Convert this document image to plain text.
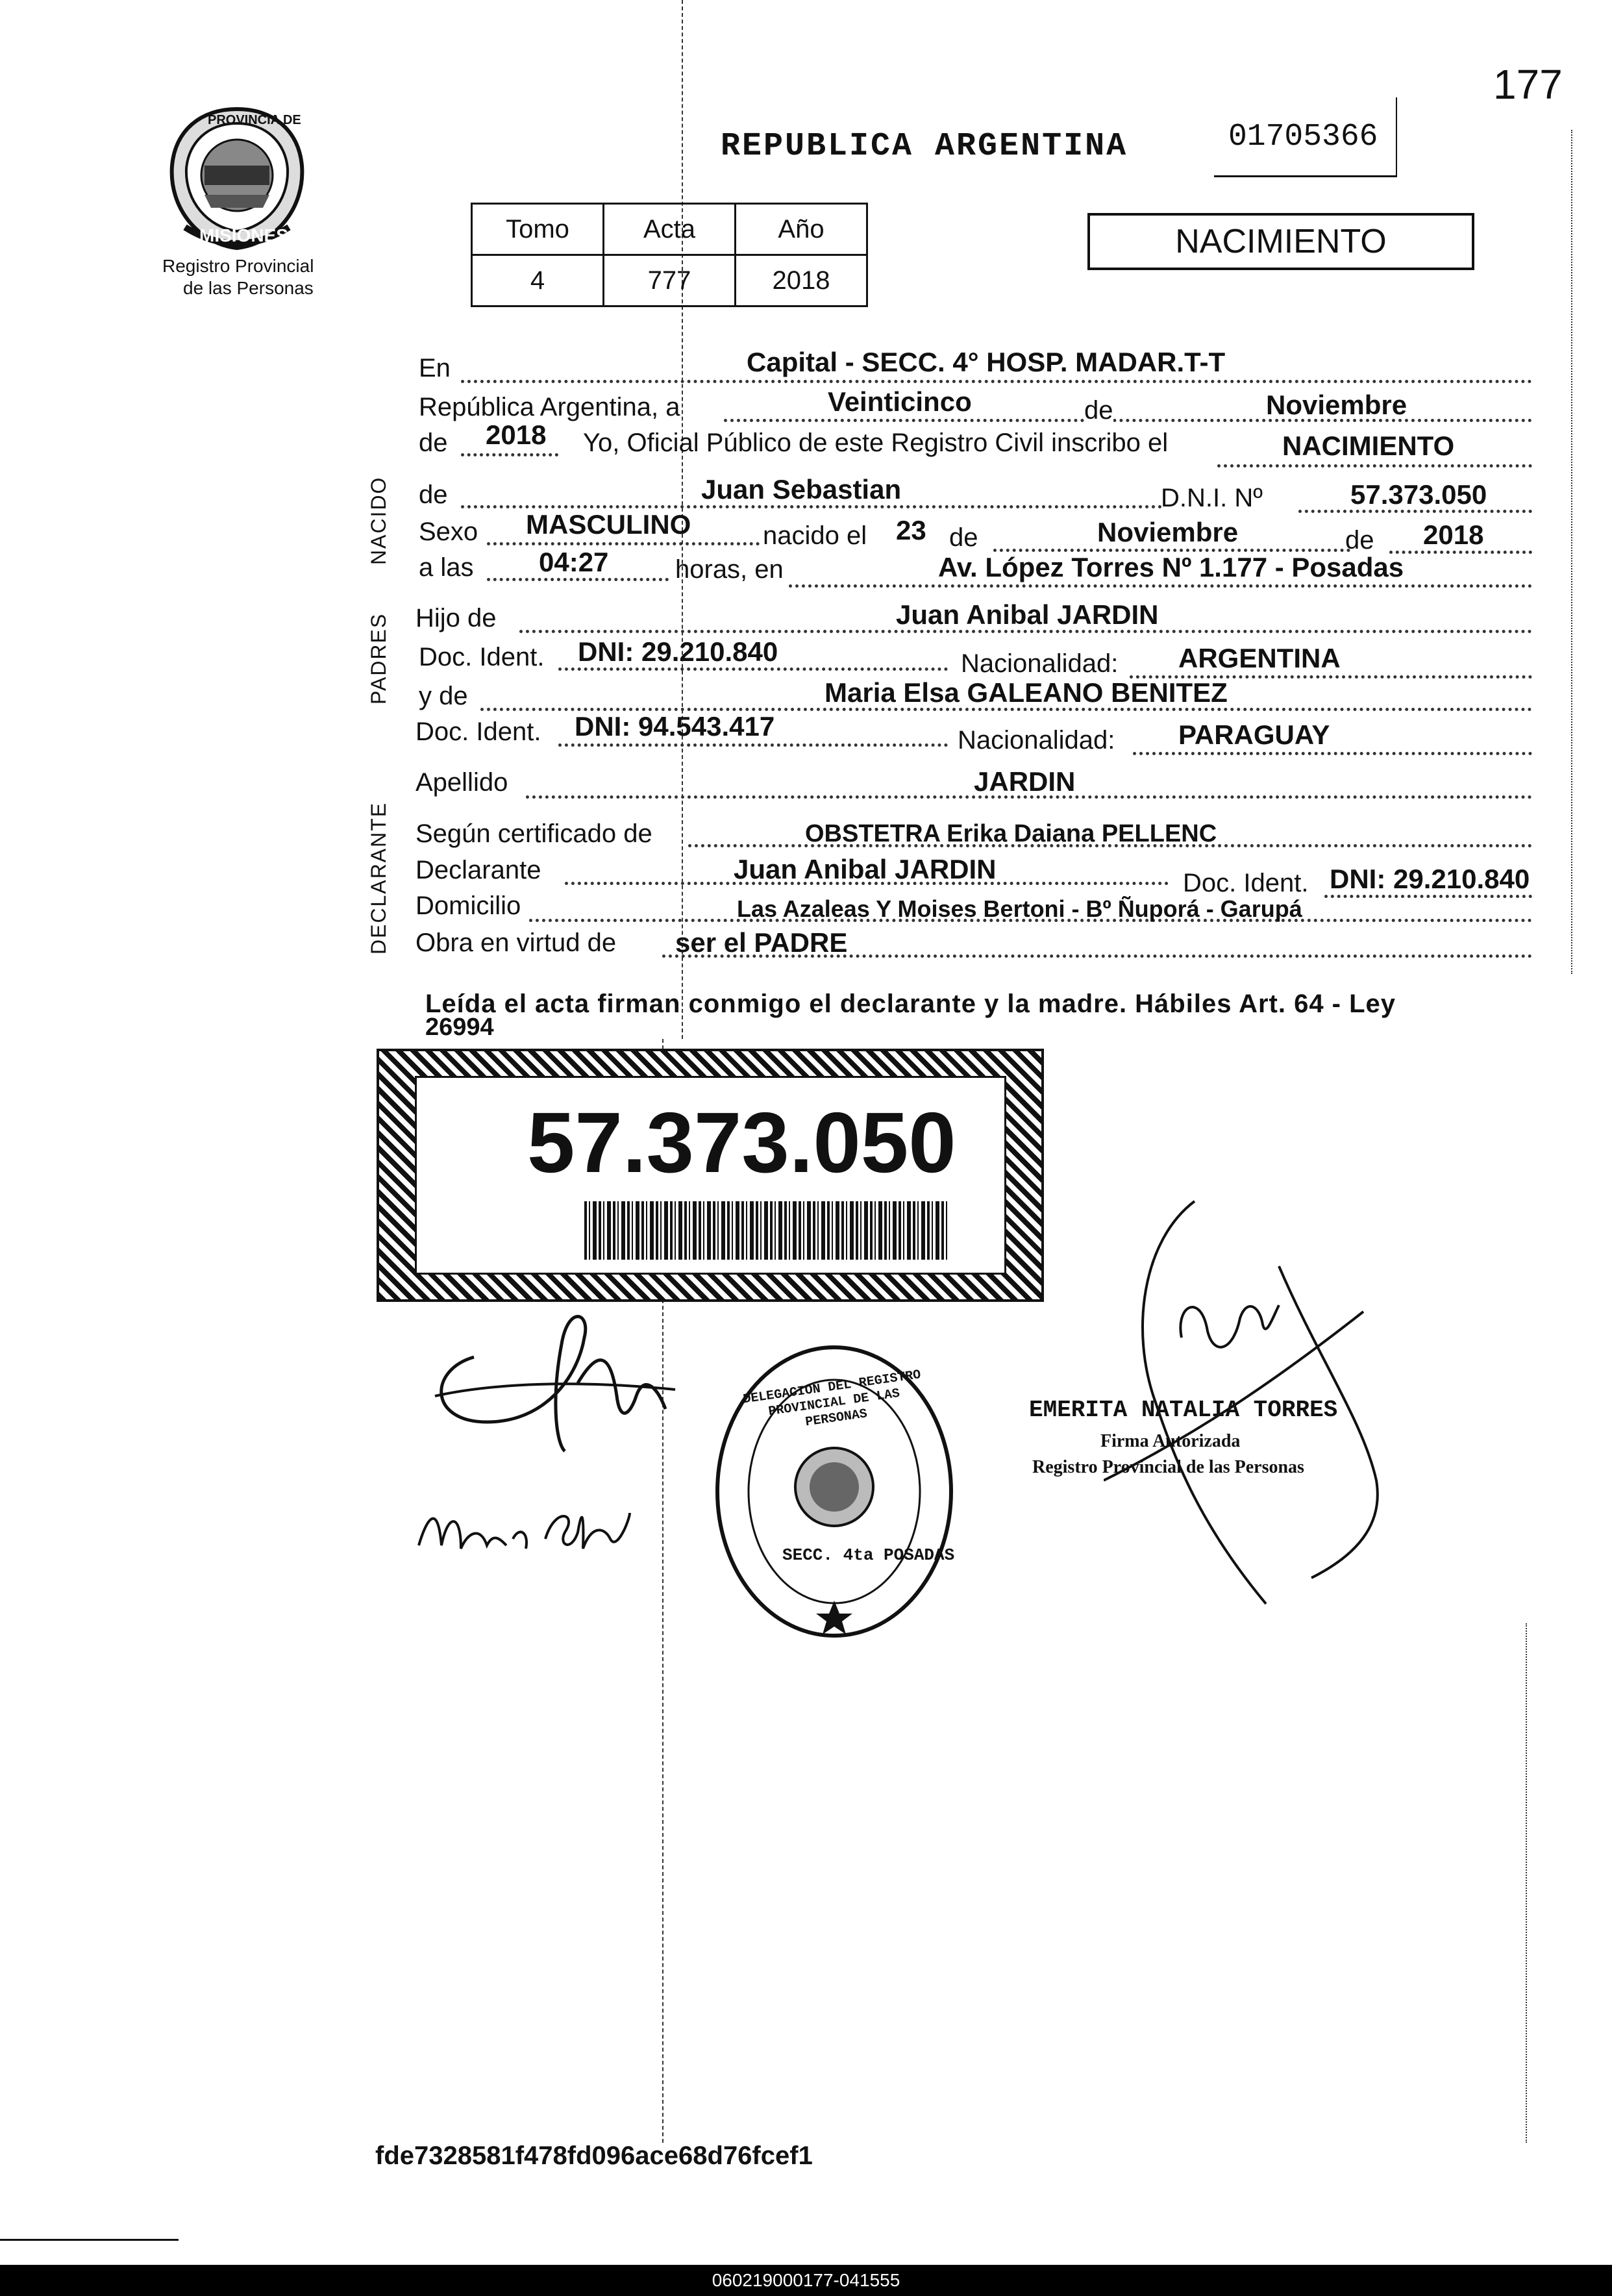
177
PROVINCIA DE
MISIONES
Registro Provincial
de las Personas
REPUBLICA ARGENTINA	01705366
Tomo	Acta	Año
4	777	2018
NACIMIENTO
NACIDO
PADRES
DECLARANTE
En	Capital - SECC. 4° HOSP. MADAR.T-T
República Argentina, a	Veinticinco	de	Noviembre
de 2018 Yo, Oficial Público de este Registro Civil inscribo el	NACIMIENTO
de	Juan Sebastian	D.N.I. Nº	57.373.050
Sexo MASCULINO	nacido el 23 de	Noviembre	de 2018
a las 04:27	horas, en	Av. López Torres Nº 1.177 - Posadas
Hijo de	Juan Anibal JARDIN
Doc. Ident. DNI: 29.210.840	Nacionalidad: ARGENTINA
y de	Maria Elsa GALEANO BENITEZ
Doc. Ident. DNI: 94.543.417	Nacionalidad: PARAGUAY
Apellido	JARDIN
Según certificado de	OBSTETRA Erika Daiana PELLENC
Declarante	Juan Anibal JARDIN	Doc. Ident. DNI: 29.210.840
Domicilio	Las Azaleas Y Moises Bertoni - Bº Ñuporá - Garupá
Obra en virtud de ser el PADRE
Leída el acta firman conmigo el declarante y la madre. Hábiles Art. 64 - Ley
26994
57.373.050
DELEGACION DEL REGISTRO PROVINCIAL DE LAS PERSONAS
SECC. 4ta POSADAS
EMERITA NATALIA TORRES
Firma Autorizada
Registro Provincial de las Personas
fde7328581f478fd096ace68d76fcef1
060219000177-041555
